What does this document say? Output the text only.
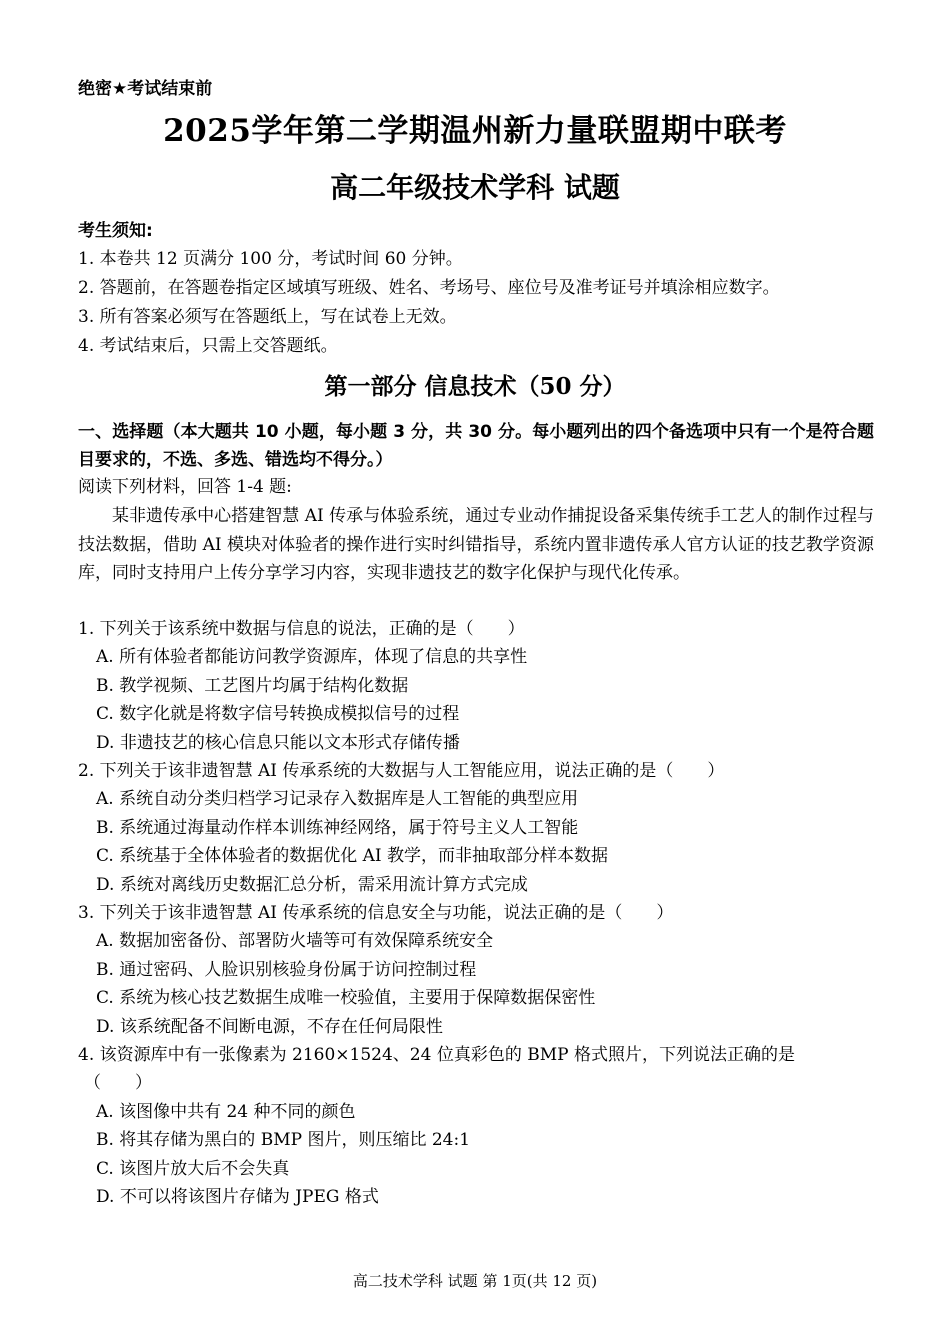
绝密★考试结束前
2025学年第二学期温州新力量联盟期中联考
高二年级技术学科 试题
考生须知:
1. 本卷共 12 页满分 100 分，考试时间 60 分钟。
2. 答题前，在答题卷指定区域填写班级、姓名、考场号、座位号及准考证号并填涂相应数字。
3. 所有答案必须写在答题纸上，写在试卷上无效。
4. 考试结束后，只需上交答题纸。
第一部分 信息技术（50 分）
一、选择题（本大题共 10 小题，每小题 3 分，共 30 分。每小题列出的四个备选项中只有一个是符合题目要求的，不选、多选、错选均不得分。）
阅读下列材料，回答 1-4 题:
某非遗传承中心搭建智慧 AI 传承与体验系统，通过专业动作捕捉设备采集传统手工艺人的制作过程与技法数据，借助 AI 模块对体验者的操作进行实时纠错指导，系统内置非遗传承人官方认证的技艺教学资源库，同时支持用户上传分享学习内容，实现非遗技艺的数字化保护与现代化传承。
1. 下列关于该系统中数据与信息的说法，正确的是（　　）
A. 所有体验者都能访问教学资源库，体现了信息的共享性
B. 教学视频、工艺图片均属于结构化数据
C. 数字化就是将数字信号转换成模拟信号的过程
D. 非遗技艺的核心信息只能以文本形式存储传播
2. 下列关于该非遗智慧 AI 传承系统的大数据与人工智能应用，说法正确的是（　　）
A. 系统自动分类归档学习记录存入数据库是人工智能的典型应用
B. 系统通过海量动作样本训练神经网络，属于符号主义人工智能
C. 系统基于全体体验者的数据优化 AI 教学，而非抽取部分样本数据
D. 系统对离线历史数据汇总分析，需采用流计算方式完成
3. 下列关于该非遗智慧 AI 传承系统的信息安全与功能，说法正确的是（　　）
A. 数据加密备份、部署防火墙等可有效保障系统安全
B. 通过密码、人脸识别核验身份属于访问控制过程
C. 系统为核心技艺数据生成唯一校验值，主要用于保障数据保密性
D. 该系统配备不间断电源，不存在任何局限性
4. 该资源库中有一张像素为 2160×1524、24 位真彩色的 BMP 格式照片，下列说法正确的是
（　　）
A. 该图像中共有 24 种不同的颜色
B. 将其存储为黑白的 BMP 图片，则压缩比 24:1
C. 该图片放大后不会失真
D. 不可以将该图片存储为 JPEG 格式
高二技术学科 试题 第 1页(共 12 页)
